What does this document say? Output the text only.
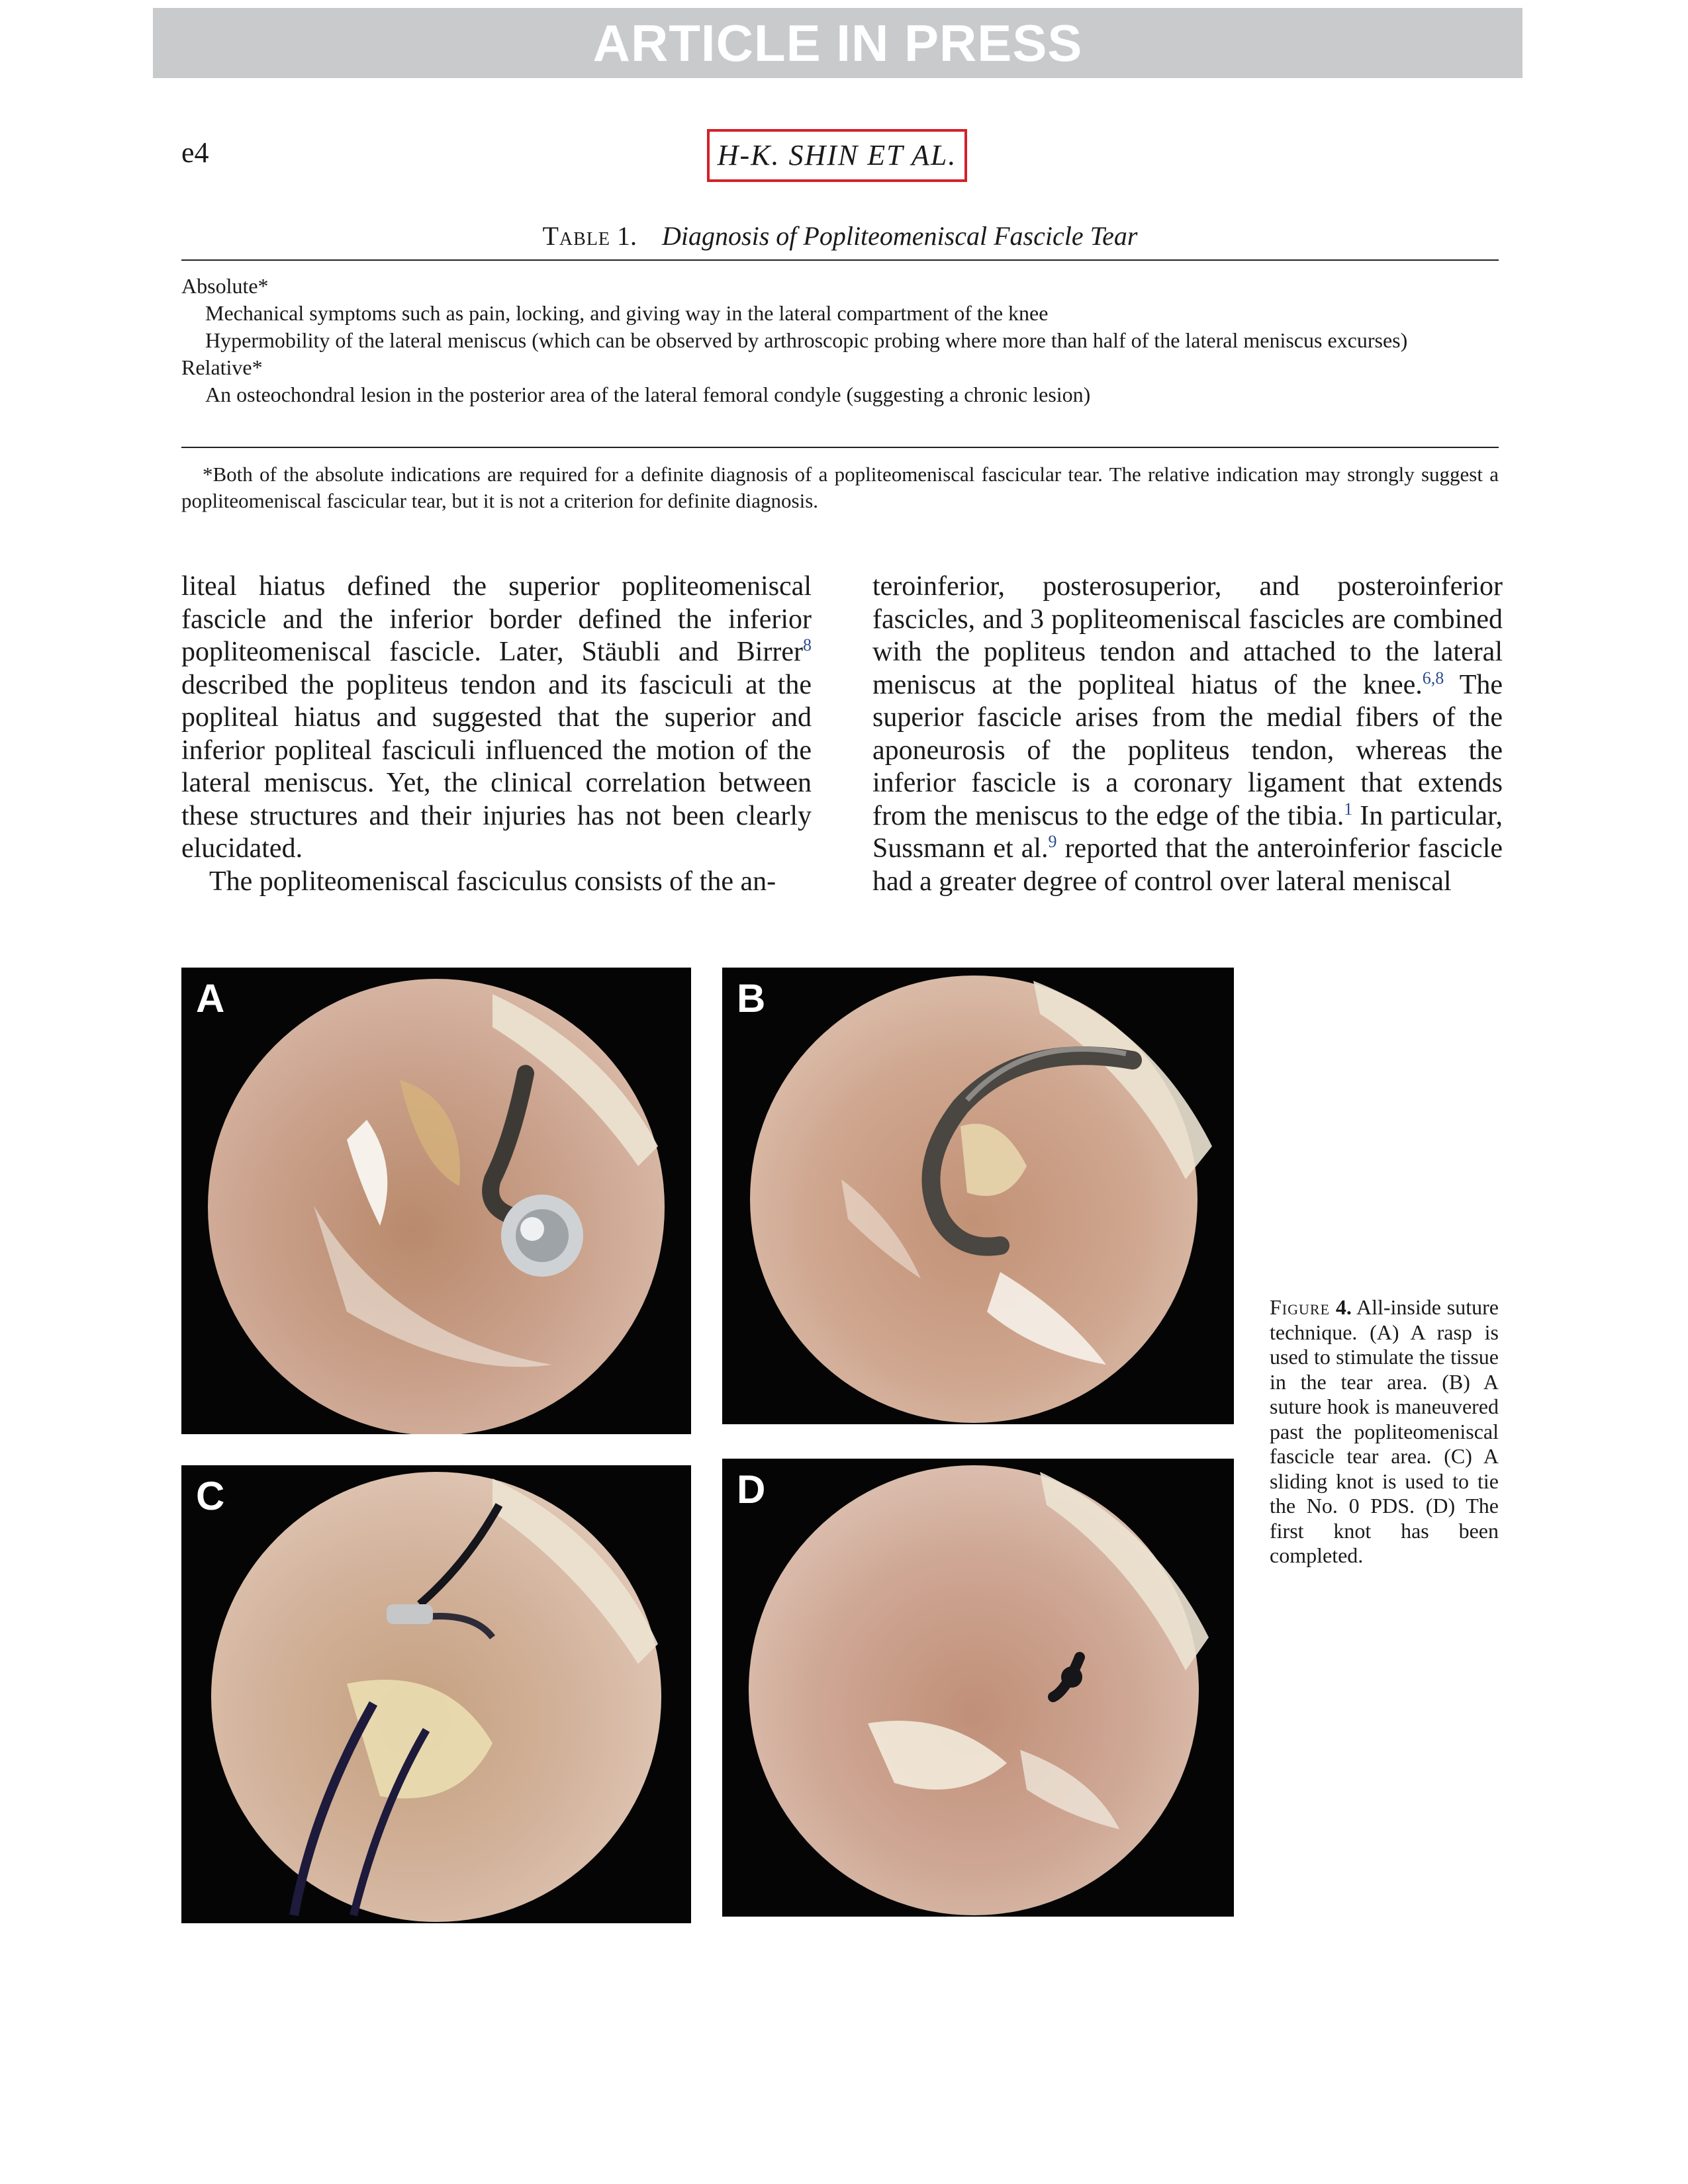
ARTICLE IN PRESS
e4	H-K. SHIN ET AL.
Table 1. Diagnosis of Popliteomeniscal Fascicle Tear

Absolute*

Mechanical symptoms such as pain, locking, and giving way in the lateral compartment of the knee

Hypermobility of the lateral meniscus (which can be observed by arthroscopic probing where more than half of the lateral meniscus excurses)

Relative*

An osteochondral lesion in the posterior area of the lateral femoral condyle (suggesting a chronic lesion)

*Both of the absolute indications are required for a definite diagnosis of a popliteomeniscal fascicular tear. The relative indication may strongly suggest a popliteomeniscal fascicular tear, but it is not a criterion for definite diagnosis.

liteal hiatus defined the superior popliteomeniscal fascicle and the inferior border defined the inferior popliteomeniscal fascicle. Later, Stäubli and Birrer$^8$ described the popliteus tendon and its fasciculi at the popliteal hiatus and suggested that the superior and inferior popliteal fasciculi influenced the motion of the lateral meniscus. Yet, the clinical correlation between these structures and their injuries has not been clearly elucidated.

The popliteomeniscal fasciculus consists of the an-

teroinferior, posterosuperior, and posteroinferior fascicles, and 3 popliteomeniscal fascicles are combined with the popliteus tendon and attached to the lateral meniscus at the popliteal hiatus of the knee.$^{6,8}$ The superior fascicle arises from the medial fibers of the aponeurosis of the popliteus tendon, whereas the inferior fascicle is a coronary ligament that extends from the meniscus to the edge of the tibia.$^1$ In particular, Sussmann et al.$^9$ reported that the anteroinferior fascicle had a greater degree of control over lateral meniscal

A	B
C	D
Figure 4. All-inside suture technique. (A) A rasp is used to stimulate the tissue in the tear area. (B) A suture hook is maneuvered past the popliteomeniscal fascicle tear area. (C) A sliding knot is used to tie the No. 0 PDS. (D) The first knot has been completed.
